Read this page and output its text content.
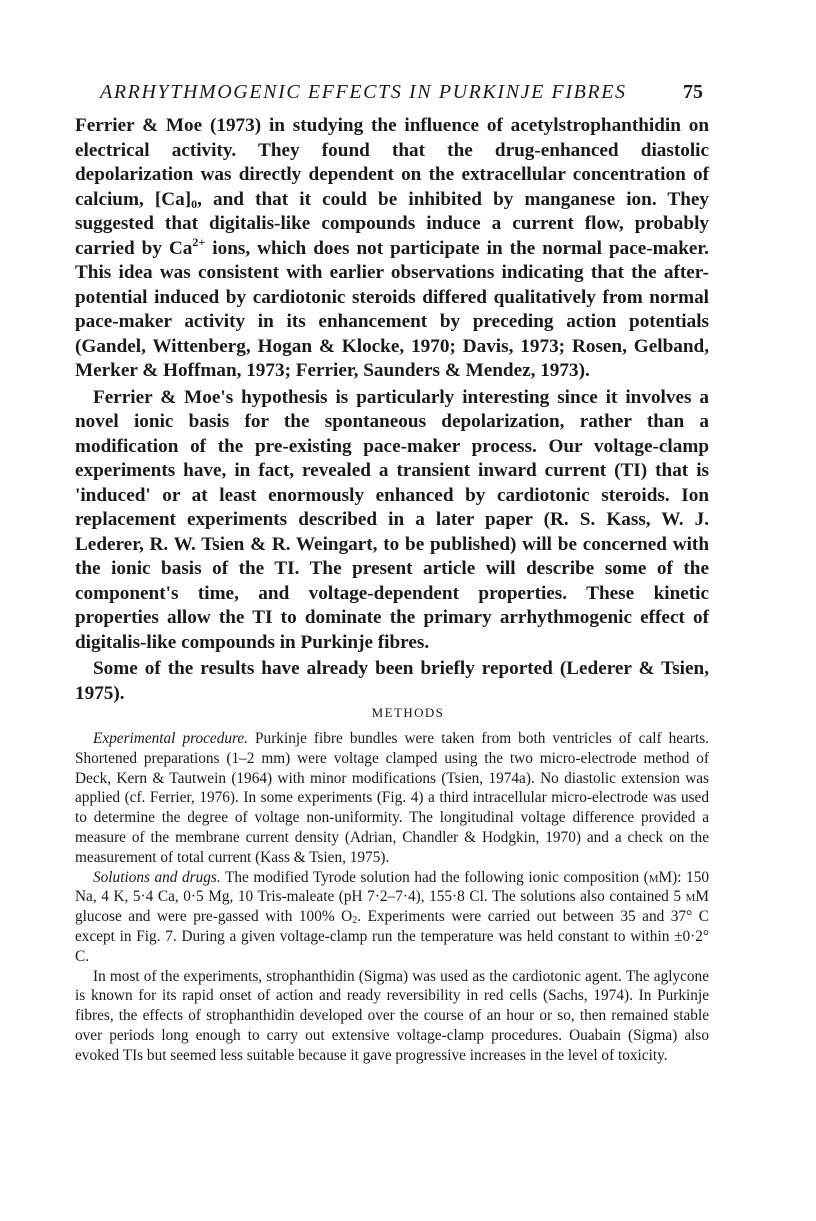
ARRHYTHMOGENIC EFFECTS IN PURKINJE FIBRES	75

Ferrier & Moe (1973) in studying the influence of acetylstrophanthidin on electrical activity. They found that the drug-enhanced diastolic depolarization was directly dependent on the extracellular concentration of calcium, $[Ca]_0$, and that it could be inhibited by manganese ion. They suggested that digitalis-like compounds induce a current flow, probably carried by $Ca^{2+}$ ions, which does not participate in the normal pace-maker. This idea was consistent with earlier observations indicating that the after-potential induced by cardiotonic steroids differed qualitatively from normal pace-maker activity in its enhancement by preceding action potentials (Gandel, Wittenberg, Hogan & Klocke, 1970; Davis, 1973; Rosen, Gelband, Merker & Hoffman, 1973; Ferrier, Saunders & Mendez, 1973).

Ferrier & Moe's hypothesis is particularly interesting since it involves a novel ionic basis for the spontaneous depolarization, rather than a modification of the pre-existing pace-maker process. Our voltage-clamp experiments have, in fact, revealed a transient inward current (TI) that is 'induced' or at least enormously enhanced by cardiotonic steroids. Ion replacement experiments described in a later paper (R. S. Kass, W. J. Lederer, R. W. Tsien & R. Weingart, to be published) will be concerned with the ionic basis of the TI. The present article will describe some of the component's time, and voltage-dependent properties. These kinetic properties allow the TI to dominate the primary arrhythmogenic effect of digitalis-like compounds in Purkinje fibres.

Some of the results have already been briefly reported (Lederer & Tsien, 1975).

METHODS

Experimental procedure. Purkinje fibre bundles were taken from both ventricles of calf hearts. Shortened preparations (1–2 mm) were voltage clamped using the two micro-electrode method of Deck, Kern & Tautwein (1964) with minor modifications (Tsien, 1974a). No diastolic extension was applied (cf. Ferrier, 1976). In some experiments (Fig. 4) a third intracellular micro-electrode was used to determine the degree of voltage non-uniformity. The longitudinal voltage difference provided a measure of the membrane current density (Adrian, Chandler & Hodgkin, 1970) and a check on the measurement of total current (Kass & Tsien, 1975).

Solutions and drugs. The modified Tyrode solution had the following ionic composition (mM): 150 Na, 4 K, 5·4 Ca, 0·5 Mg, 10 Tris-maleate (pH 7·2–7·4), 155·8 Cl. The solutions also contained 5 mM glucose and were pre-gassed with 100% $O_2$. Experiments were carried out between 35 and 37° C except in Fig. 7. During a given voltage-clamp run the temperature was held constant to within ±0·2° C.

In most of the experiments, strophanthidin (Sigma) was used as the cardiotonic agent. The aglycone is known for its rapid onset of action and ready reversibility in red cells (Sachs, 1974). In Purkinje fibres, the effects of strophanthidin developed over the course of an hour or so, then remained stable over periods long enough to carry out extensive voltage-clamp procedures. Ouabain (Sigma) also evoked TIs but seemed less suitable because it gave progressive increases in the level of toxicity.
